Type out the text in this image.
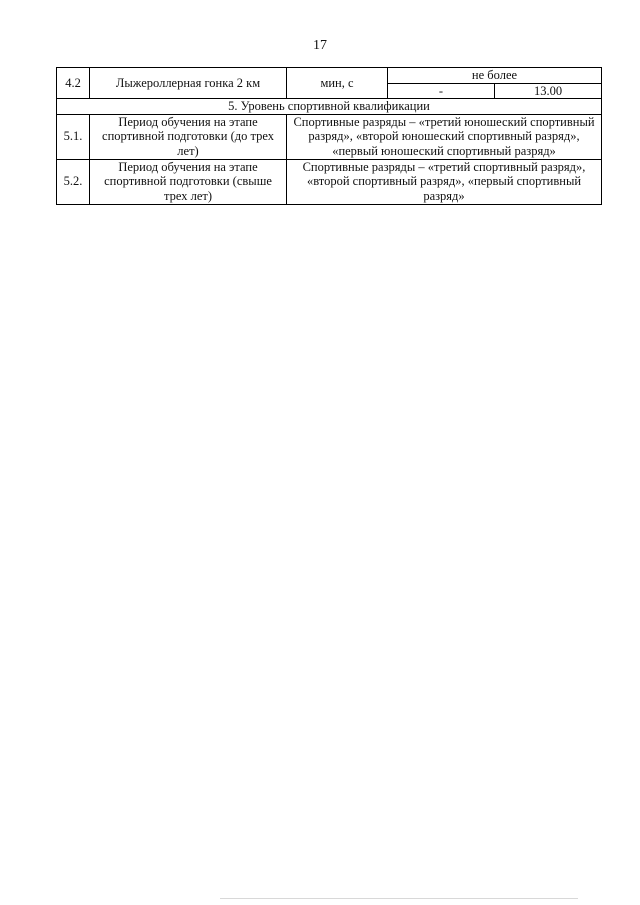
17
4.2	Лыжероллерная гонка 2 км	мин, с	не более	
			-	13.00
5. Уровень спортивной квалификации				
5.1.	Период обучения на этапе спортивной подготовки (до трех лет)	Спортивные разряды – «третий юношеский спортивный разряд», «второй юношеский спортивный разряд», «первый юношеский спортивный разряд»		
5.2.	Период обучения на этапе спортивной подготовки (свыше трех лет)	Спортивные разряды – «третий спортивный разряд», «второй спортивный разряд», «первый спортивный разряд»		
